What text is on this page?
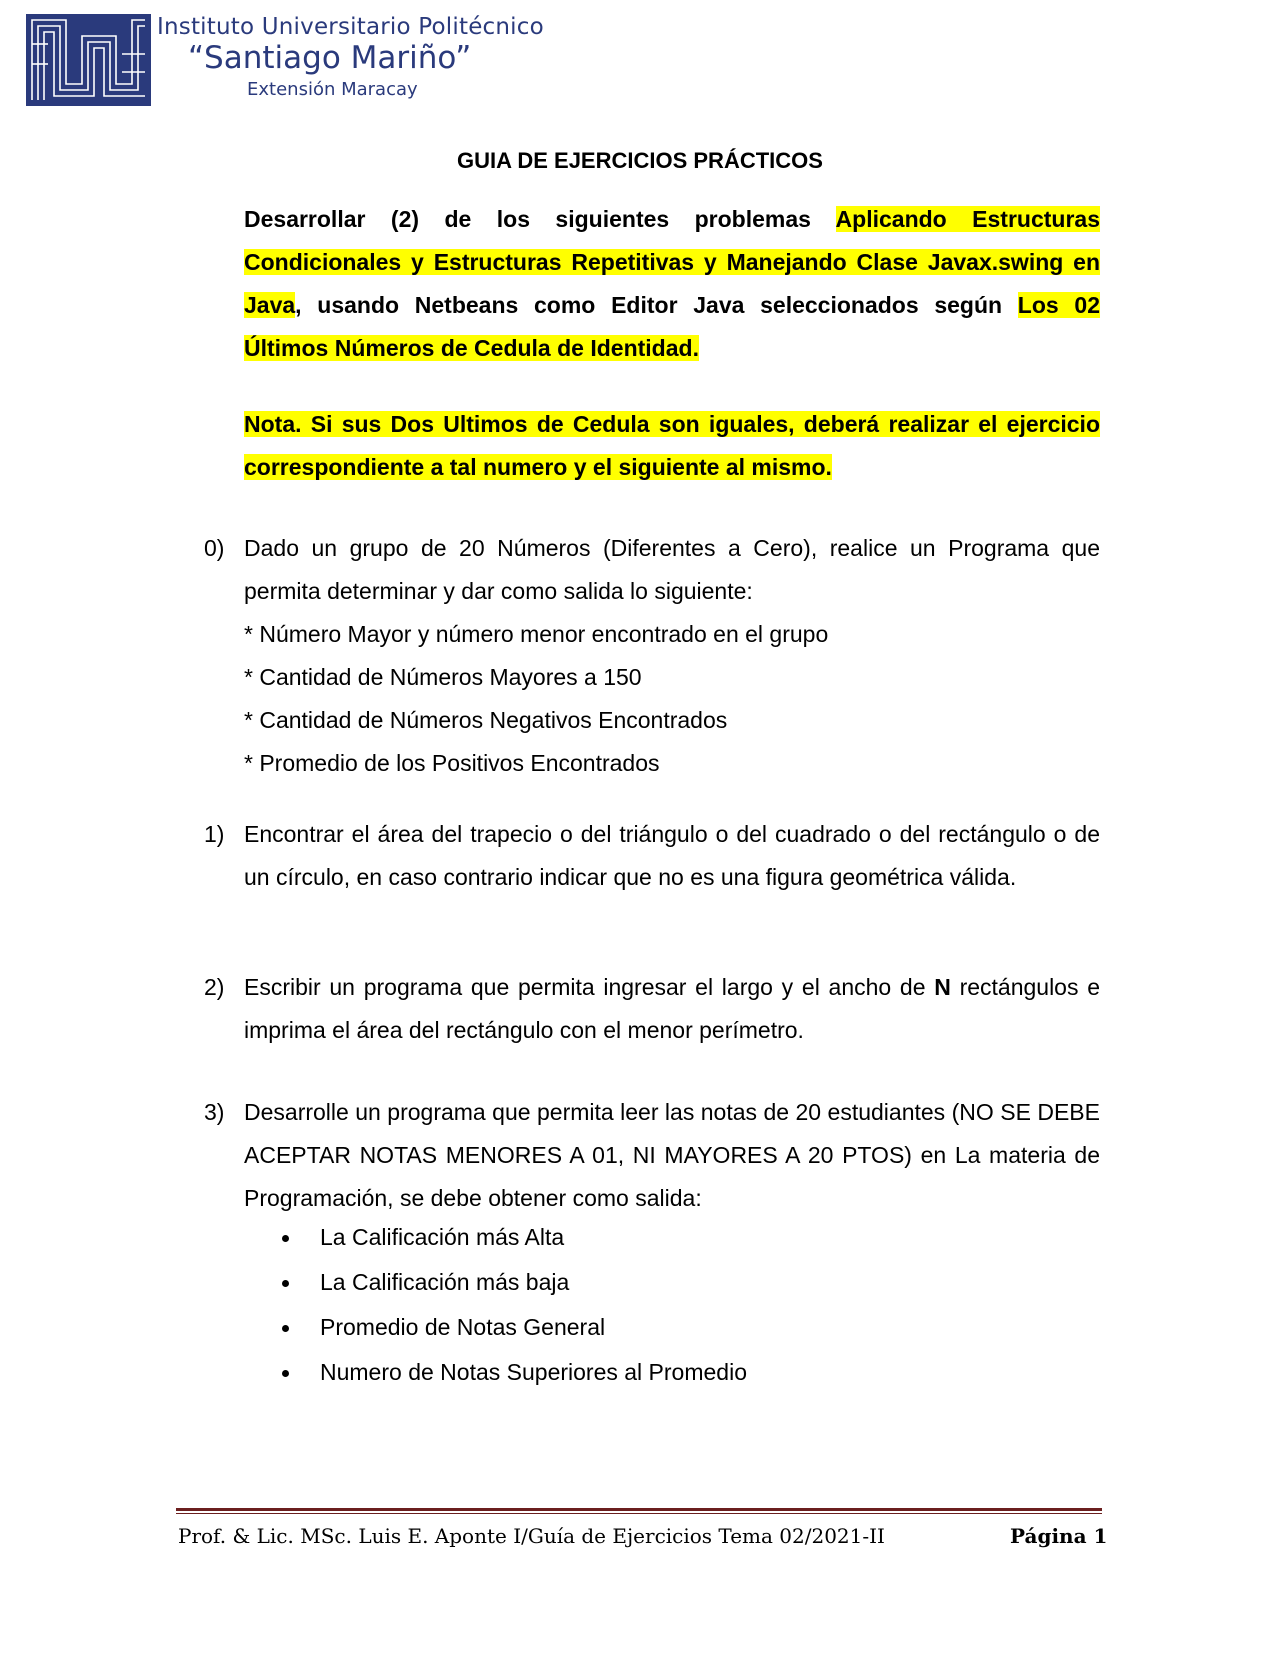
Instituto Universitario Politécnico
“Santiago Mariño”
Extensión Maracay
GUIA DE EJERCICIOS PRÁCTICOS
Desarrollar (2) de los siguientes problemas Aplicando Estructuras Condicionales y Estructuras Repetitivas y Manejando Clase Javax.swing en Java, usando Netbeans como Editor Java seleccionados según Los 02 Últimos Números de Cedula de Identidad.
Nota. Si sus Dos Ultimos de Cedula son iguales, deberá realizar el ejercicio correspondiente a tal numero y el siguiente al mismo.
0) Dado un grupo de 20 Números (Diferentes a Cero), realice un Programa que permita determinar y dar como salida lo siguiente:
* Número Mayor y número menor encontrado en el grupo
* Cantidad de Números Mayores a 150
* Cantidad de Números Negativos Encontrados
* Promedio de los Positivos Encontrados
1) Encontrar el área del trapecio o del triángulo o del cuadrado o del rectángulo o de un círculo, en caso contrario indicar que no es una figura geométrica válida.
2) Escribir un programa que permita ingresar el largo y el ancho de N rectángulos e imprima el área del rectángulo con el menor perímetro.
3) Desarrolle un programa que permita leer las notas de 20 estudiantes (NO SE DEBE ACEPTAR NOTAS MENORES A 01, NI MAYORES A 20 PTOS) en La materia de Programación, se debe obtener como salida:
La Calificación más Alta
La Calificación más baja
Promedio de Notas General
Numero de Notas Superiores al Promedio
Prof. & Lic. MSc. Luis E. Aponte I/Guía de Ejercicios Tema 02/2021-II	Página 1
